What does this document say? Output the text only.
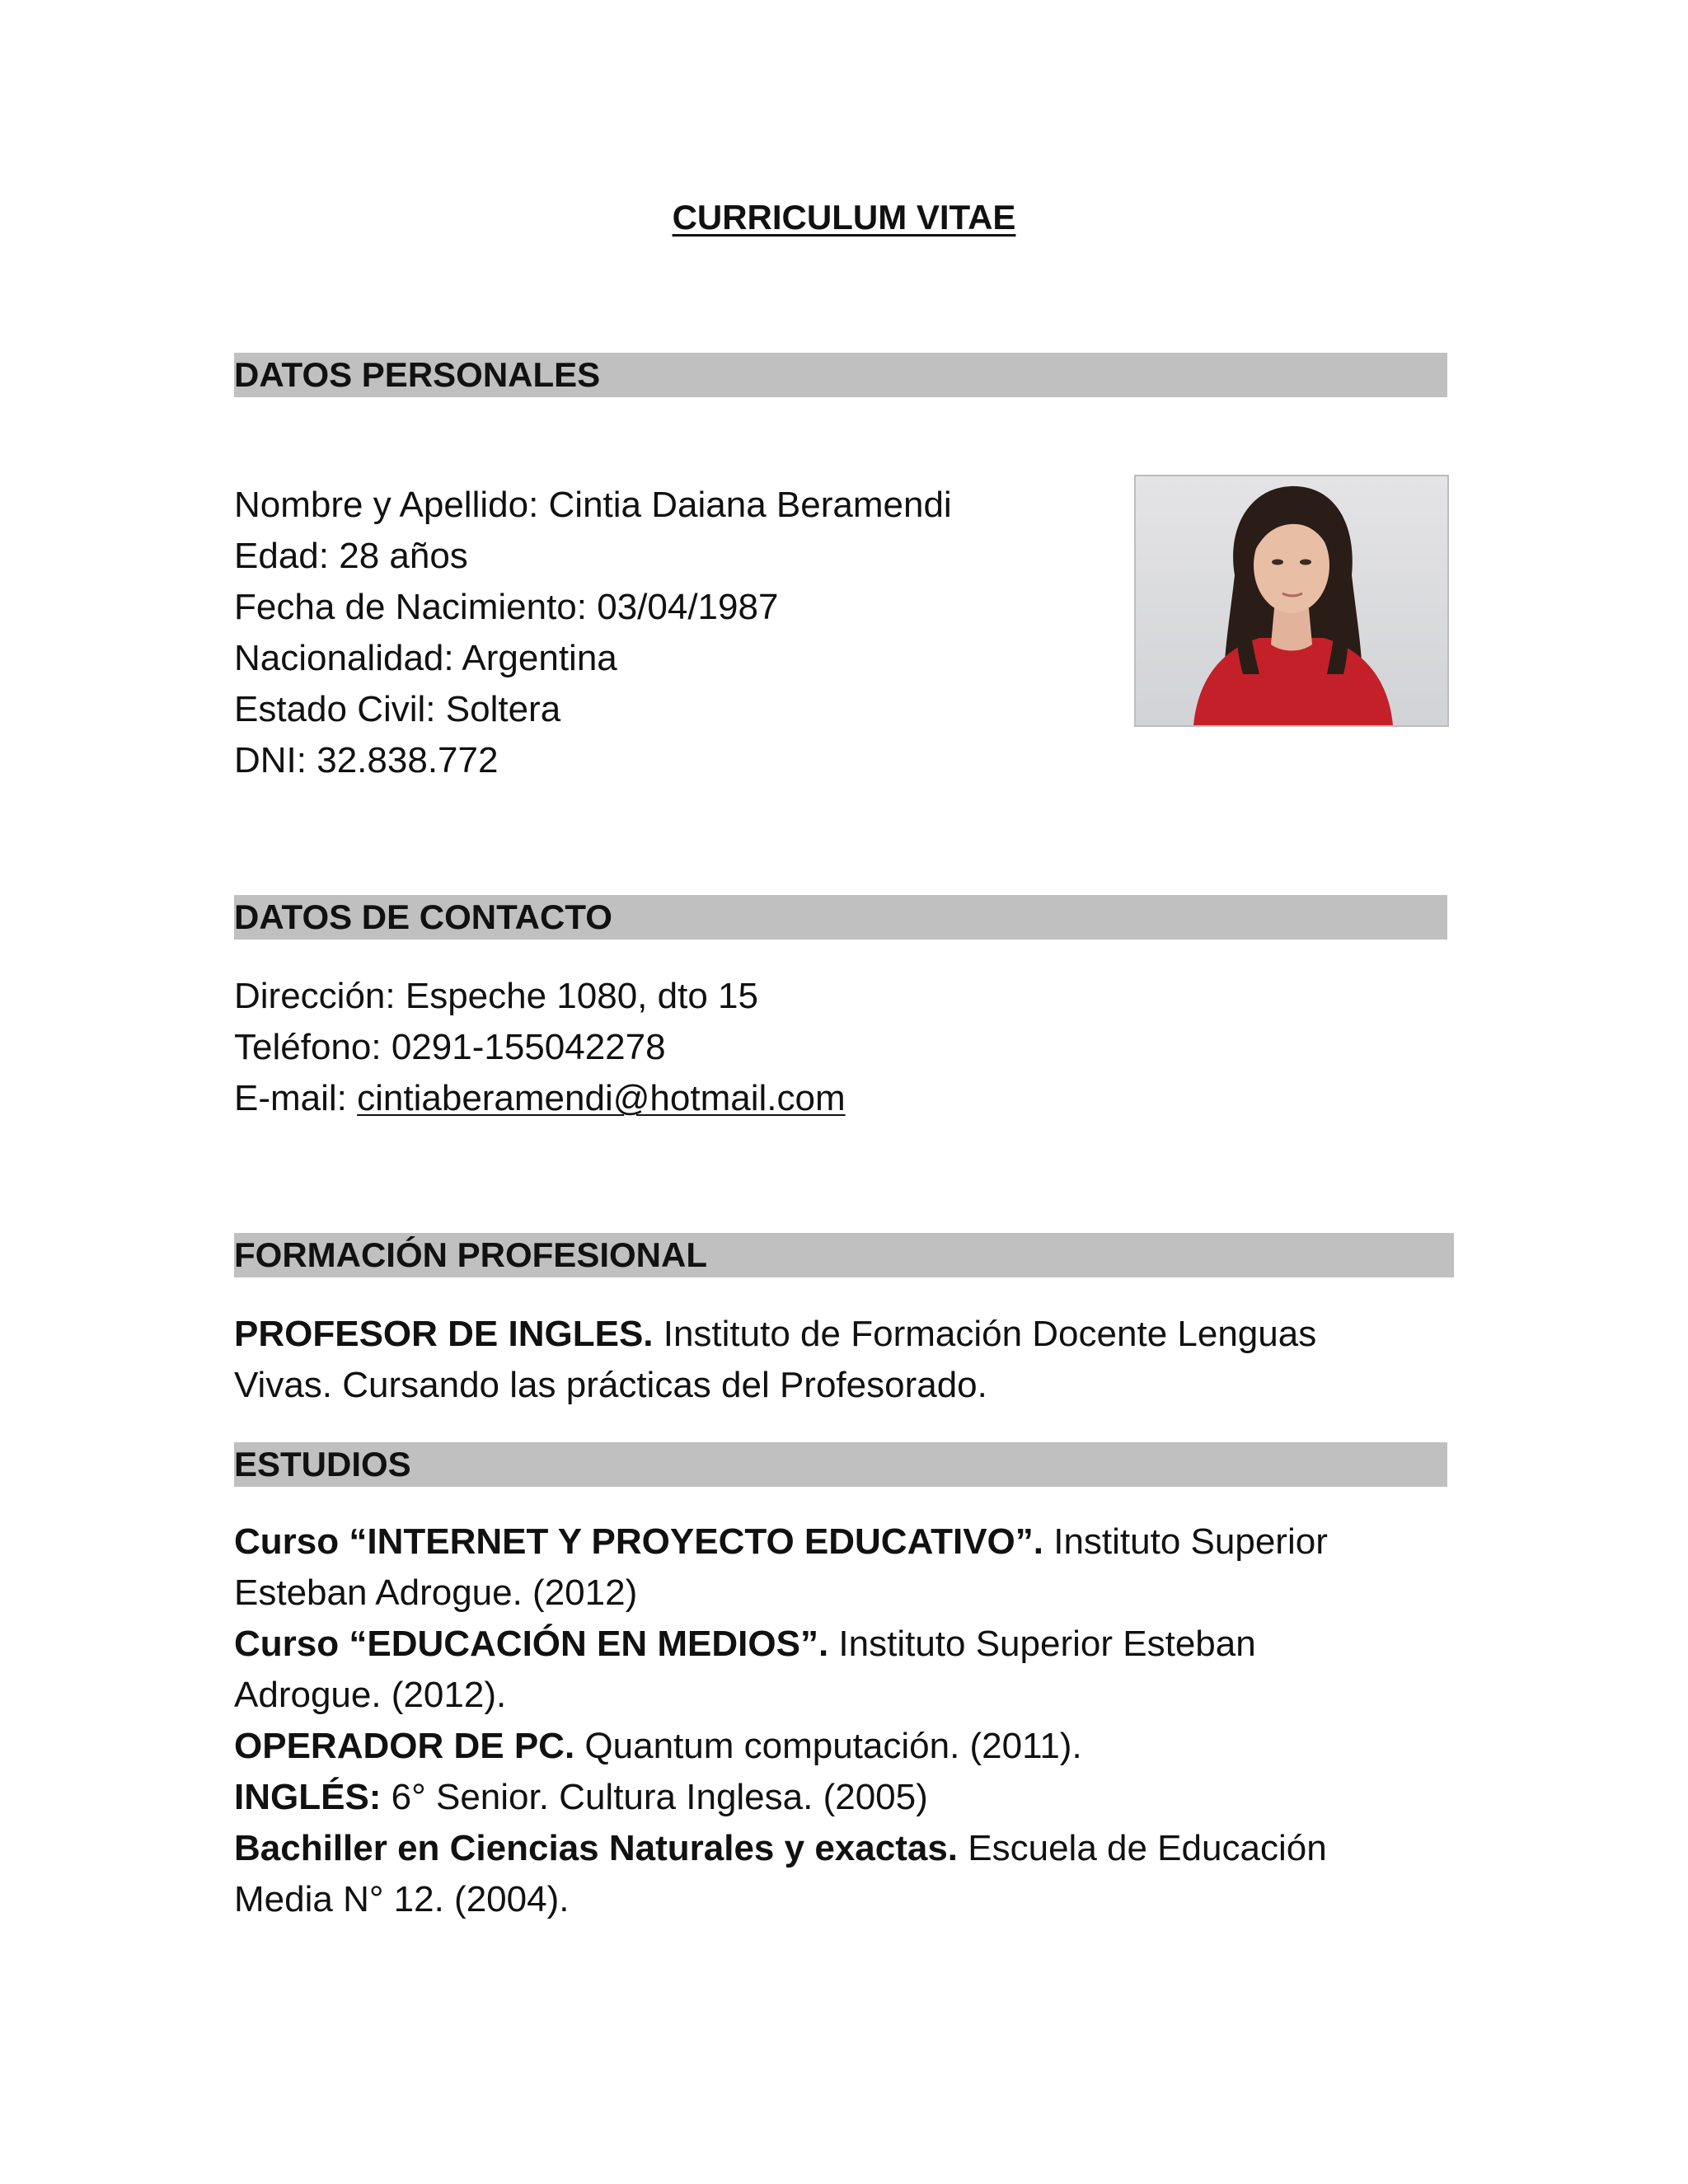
CURRICULUM VITAE
DATOS PERSONALES
Nombre y Apellido: Cintia Daiana Beramendi
Edad: 28 años
Fecha de Nacimiento: 03/04/1987
Nacionalidad: Argentina
Estado Civil: Soltera
DNI: 32.838.772
DATOS DE CONTACTO
Dirección: Espeche 1080, dto 15
Teléfono: 0291-155042278
E-mail: cintiaberamendi@hotmail.com
FORMACIÓN PROFESIONAL
PROFESOR DE INGLES. Instituto de Formación Docente Lenguas
Vivas. Cursando las prácticas del Profesorado.
ESTUDIOS
Curso “INTERNET Y PROYECTO EDUCATIVO”. Instituto Superior
Esteban Adrogue. (2012)
Curso “EDUCACIÓN EN MEDIOS”. Instituto Superior Esteban
Adrogue. (2012).
OPERADOR DE PC. Quantum computación. (2011).
INGLÉS: 6° Senior. Cultura Inglesa. (2005)
Bachiller en Ciencias Naturales y exactas. Escuela de Educación
Media N° 12. (2004).
